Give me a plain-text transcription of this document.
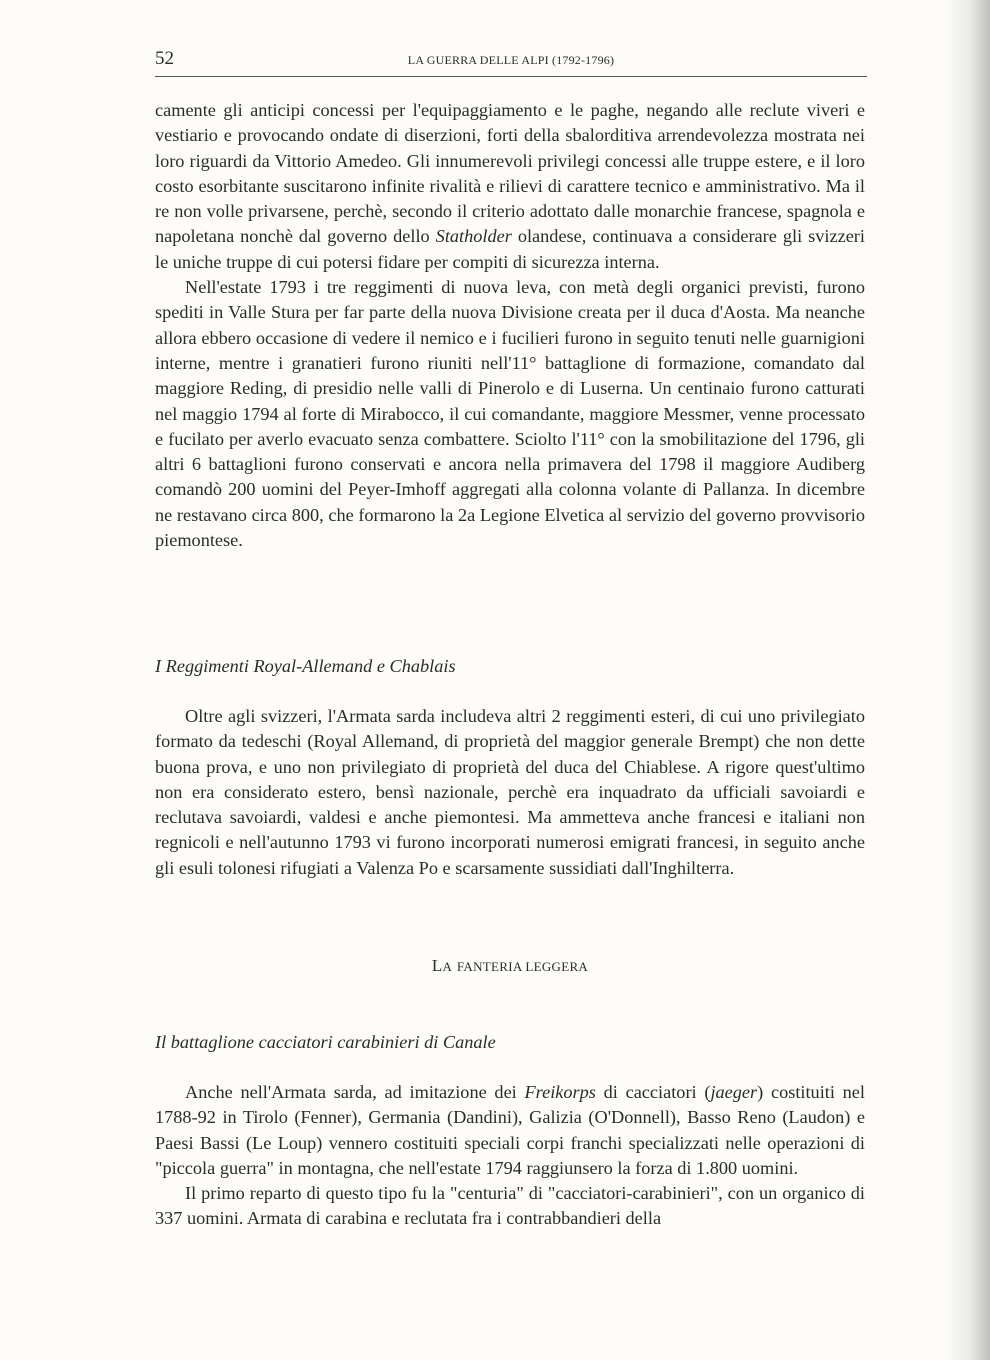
52	LA GUERRA DELLE ALPI (1792-1796)

camente gli anticipi concessi per l'equipaggiamento e le paghe, negando alle reclute viveri e vestiario e provocando ondate di diserzioni, forti della sbalorditiva arrendevolezza mostrata nei loro riguardi da Vittorio Amedeo. Gli innumerevoli privilegi concessi alle truppe estere, e il loro costo esorbitante suscitarono infinite rivalità e rilievi di carattere tecnico e amministrativo. Ma il re non volle privarsene, perchè, secondo il criterio adottato dalle monarchie francese, spagnola e napoletana nonchè dal governo dello Statholder olandese, continuava a considerare gli svizzeri le uniche truppe di cui potersi fidare per compiti di sicurezza interna.

Nell'estate 1793 i tre reggimenti di nuova leva, con metà degli organici previsti, furono spediti in Valle Stura per far parte della nuova Divisione creata per il duca d'Aosta. Ma neanche allora ebbero occasione di vedere il nemico e i fucilieri furono in seguito tenuti nelle guarnigioni interne, mentre i granatieri furono riuniti nell'11° battaglione di formazione, comandato dal maggiore Reding, di presidio nelle valli di Pinerolo e di Luserna. Un centinaio furono catturati nel maggio 1794 al forte di Mirabocco, il cui comandante, maggiore Messmer, venne processato e fucilato per averlo evacuato senza combattere. Sciolto l'11° con la smobilitazione del 1796, gli altri 6 battaglioni furono conservati e ancora nella primavera del 1798 il maggiore Audiberg comandò 200 uomini del Peyer-Imhoff aggregati alla colonna volante di Pallanza. In dicembre ne restavano circa 800, che formarono la 2a Legione Elvetica al servizio del governo provvisorio piemontese.

I Reggimenti Royal-Allemand e Chablais

Oltre agli svizzeri, l'Armata sarda includeva altri 2 reggimenti esteri, di cui uno privilegiato formato da tedeschi (Royal Allemand, di proprietà del maggior generale Brempt) che non dette buona prova, e uno non privilegiato di proprietà del duca del Chiablese. A rigore quest'ultimo non era considerato estero, bensì nazionale, perchè era inquadrato da ufficiali savoiardi e reclutava savoiardi, valdesi e anche piemontesi. Ma ammetteva anche francesi e italiani non regnicoli e nell'autunno 1793 vi furono incorporati numerosi emigrati francesi, in seguito anche gli esuli tolonesi rifugiati a Valenza Po e scarsamente sussidiati dall'Inghilterra.

LA FANTERIA LEGGERA
Il battaglione cacciatori carabinieri di Canale

Anche nell'Armata sarda, ad imitazione dei Freikorps di cacciatori (jaeger) costituiti nel 1788-92 in Tirolo (Fenner), Germania (Dandini), Galizia (O'Donnell), Basso Reno (Laudon) e Paesi Bassi (Le Loup) vennero costituiti speciali corpi franchi specializzati nelle operazioni di "piccola guerra" in montagna, che nell'estate 1794 raggiunsero la forza di 1.800 uomini.

Il primo reparto di questo tipo fu la "centuria" di "cacciatori-carabinieri", con un organico di 337 uomini. Armata di carabina e reclutata fra i contrabbandieri della
